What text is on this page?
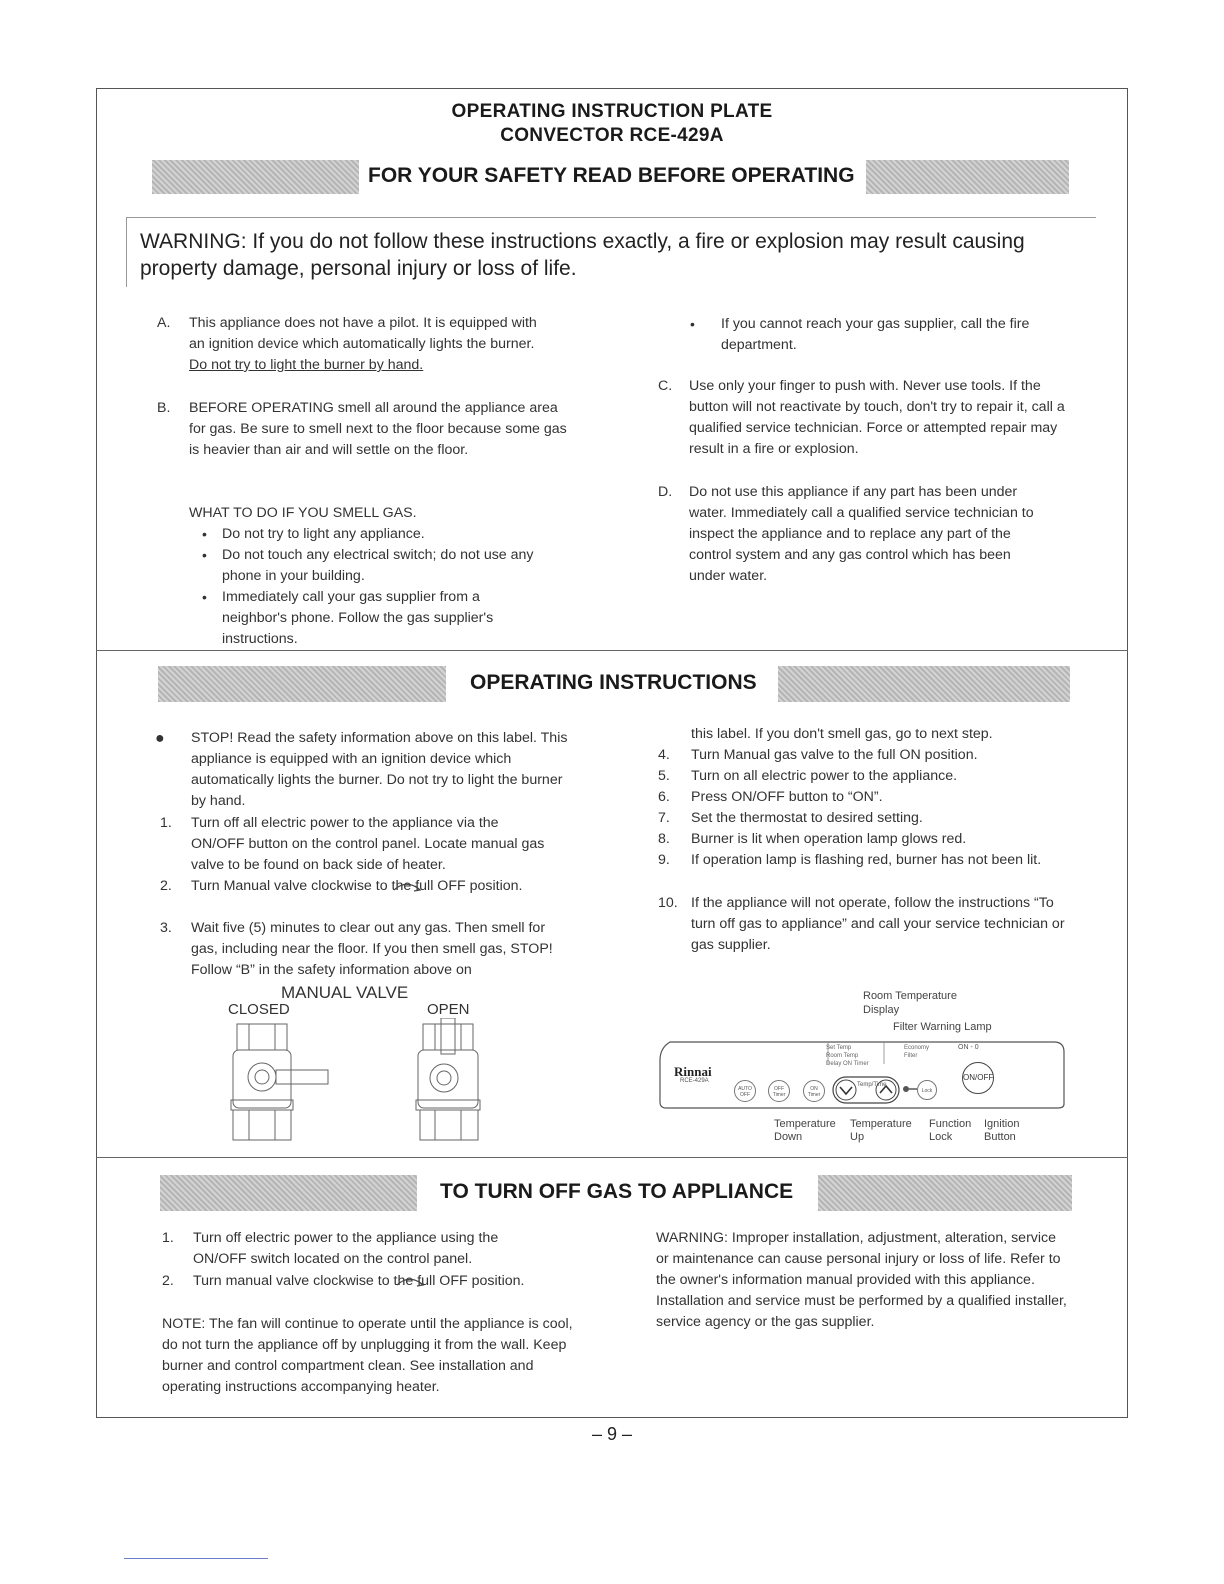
OPERATING INSTRUCTION PLATE
CONVECTOR RCE-429A
FOR YOUR SAFETY READ BEFORE OPERATING
WARNING: If you do not follow these instructions exactly, a fire or explosion may result causing property damage, personal injury or loss of life.
A. This appliance does not have a pilot. It is equipped with an ignition device which automatically lights the burner. Do not try to light the burner by hand.
B. BEFORE OPERATING smell all around the appliance area for gas. Be sure to smell next to the floor because some gas is heavier than air and will settle on the floor.
WHAT TO DO IF YOU SMELL GAS.
• Do not try to light any appliance.
• Do not touch any electrical switch; do not use any phone in your building.
• Immediately call your gas supplier from a neighbor's phone. Follow the gas supplier's instructions.
• If you cannot reach your gas supplier, call the fire department.
C. Use only your finger to push with. Never use tools. If the button will not reactivate by touch, don't try to repair it, call a qualified service technician. Force or attempted repair may result in a fire or explosion.
D. Do not use this appliance if any part has been under water. Immediately call a qualified service technician to inspect the appliance and to replace any part of the control system and any gas control which has been under water.
OPERATING INSTRUCTIONS
● STOP! Read the safety information above on this label. This appliance is equipped with an ignition device which automatically lights the burner. Do not try to light the burner by hand.
1. Turn off all electric power to the appliance via the ON/OFF button on the control panel. Locate manual gas valve to be found on back side of heater.
2. Turn Manual valve clockwise to the full OFF position.
3. Wait five (5) minutes to clear out any gas. Then smell for gas, including near the floor. If you then smell gas, STOP! Follow “B” in the safety information above on
this label. If you don't smell gas, go to next step.
4. Turn Manual gas valve to the full ON position.
5. Turn on all electric power to the appliance.
6. Press ON/OFF button to “ON”.
7. Set the thermostat to desired setting.
8. Burner is lit when operation lamp glows red.
9. If operation lamp is flashing red, burner has not been lit.
10. If the appliance will not operate, follow the instructions “To turn off gas to appliance” and call your service technician or gas supplier.
MANUAL VALVE
CLOSED	OPEN
Room Temperature Display
Filter Warning Lamp
Rinnai
RCE-429A
Set Temp
Room Temp
Delay ON Timer
Economy
Filter
ON - 0
AUTO OFF
OFF Timer
ON Timer
Temp/Time
Lock
ON/OFF
Temperature Down
Temperature Up
Function Lock
Ignition Button
TO TURN OFF GAS TO APPLIANCE
1. Turn off electric power to the appliance using the ON/OFF switch located on the control panel.
2. Turn manual valve clockwise to the full OFF position.
NOTE: The fan will continue to operate until the appliance is cool, do not turn the appliance off by unplugging it from the wall. Keep burner and control compartment clean. See installation and operating instructions accompanying heater.
WARNING: Improper installation, adjustment, alteration, service or maintenance can cause personal injury or loss of life. Refer to the owner's information manual provided with this appliance. Installation and service must be performed by a qualified installer, service agency or the gas supplier.
– 9 –
